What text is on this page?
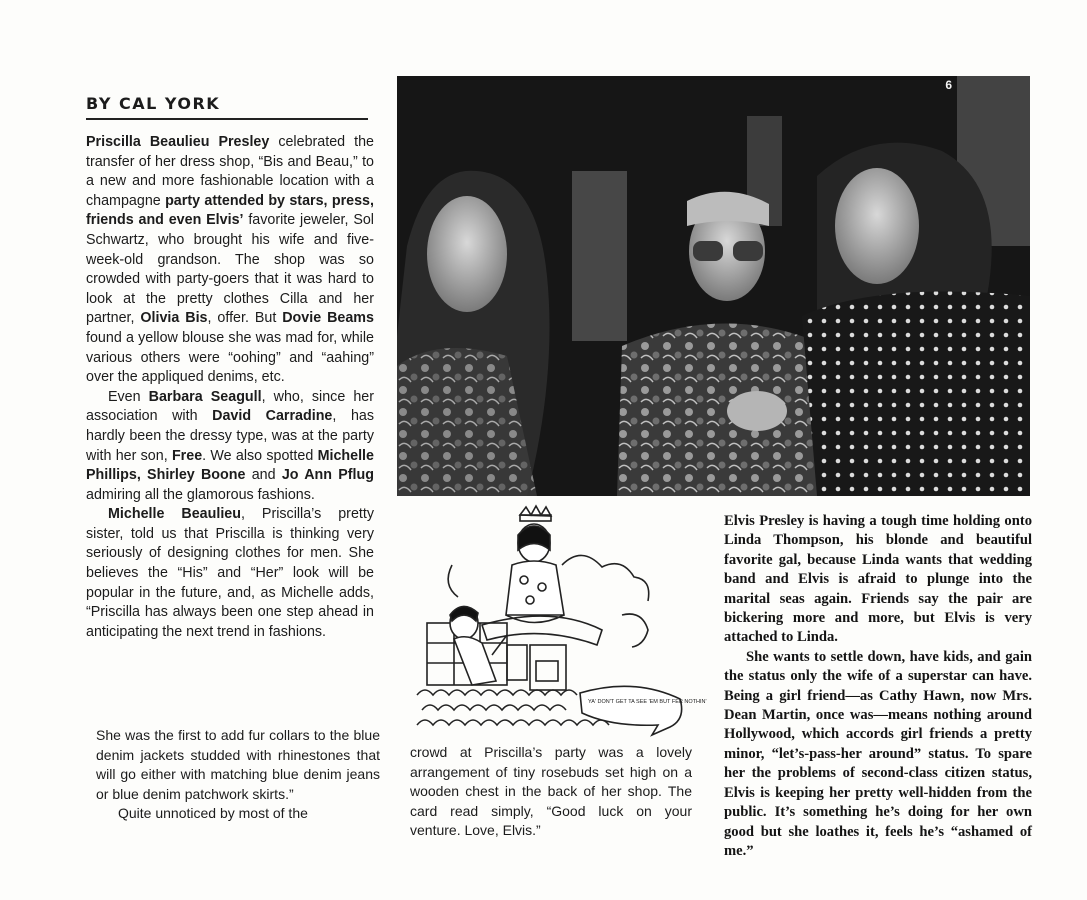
BY CAL YORK

Priscilla Beaulieu Presley celebrated the transfer of her dress shop, “Bis and Beau,” to a new and more fashionable location with a champagne party attended by stars, press, friends and even Elvis’ favorite jeweler, Sol Schwartz, who brought his wife and five-week-old grandson. The shop was so crowded with party-goers that it was hard to look at the pretty clothes Cilla and her partner, Olivia Bis, offer. But Dovie Beams found a yellow blouse she was mad for, while various others were “oohing” and “aahing” over the appliqued denims, etc.

Even Barbara Seagull, who, since her association with David Carradine, has hardly been the dressy type, was at the party with her son, Free. We also spotted Michelle Phillips, Shirley Boone and Jo Ann Pflug admiring all the glamorous fashions.

Michelle Beaulieu, Priscilla’s pretty sister, told us that Priscilla is thinking very seriously of designing clothes for men. She believes the “His” and “Her” look will be popular in the future, and, as Michelle adds, “Priscilla has always been one step ahead in anticipating the next trend in fashions.

She was the first to add fur collars to the blue denim jackets studded with rhinestones that will go either with matching blue denim jeans or blue denim patchwork skirts.”

Quite unnoticed by most of the

6
YA' DON'T GET TA SEE 'EM BUT FER NOTHIN'

crowd at Priscilla’s party was a lovely arrangement of tiny rosebuds set high on a wooden chest in the back of her shop. The card read simply, “Good luck on your venture. Love, Elvis.”

Elvis Presley is having a tough time holding onto Linda Thompson, his blonde and beautiful favorite gal, because Linda wants that wedding band and Elvis is afraid to plunge into the marital seas again. Friends say the pair are bickering more and more, but Elvis is very attached to Linda.

She wants to settle down, have kids, and gain the status only the wife of a superstar can have. Being a girl friend—as Cathy Hawn, now Mrs. Dean Martin, once was—means nothing around Hollywood, which accords girl friends a pretty minor, “let’s-pass-her around” status. To spare her the problems of second-class citizen status, Elvis is keeping her pretty well-hidden from the public. It’s something he’s doing for her own good but she loathes it, feels he’s “ashamed of me.”
